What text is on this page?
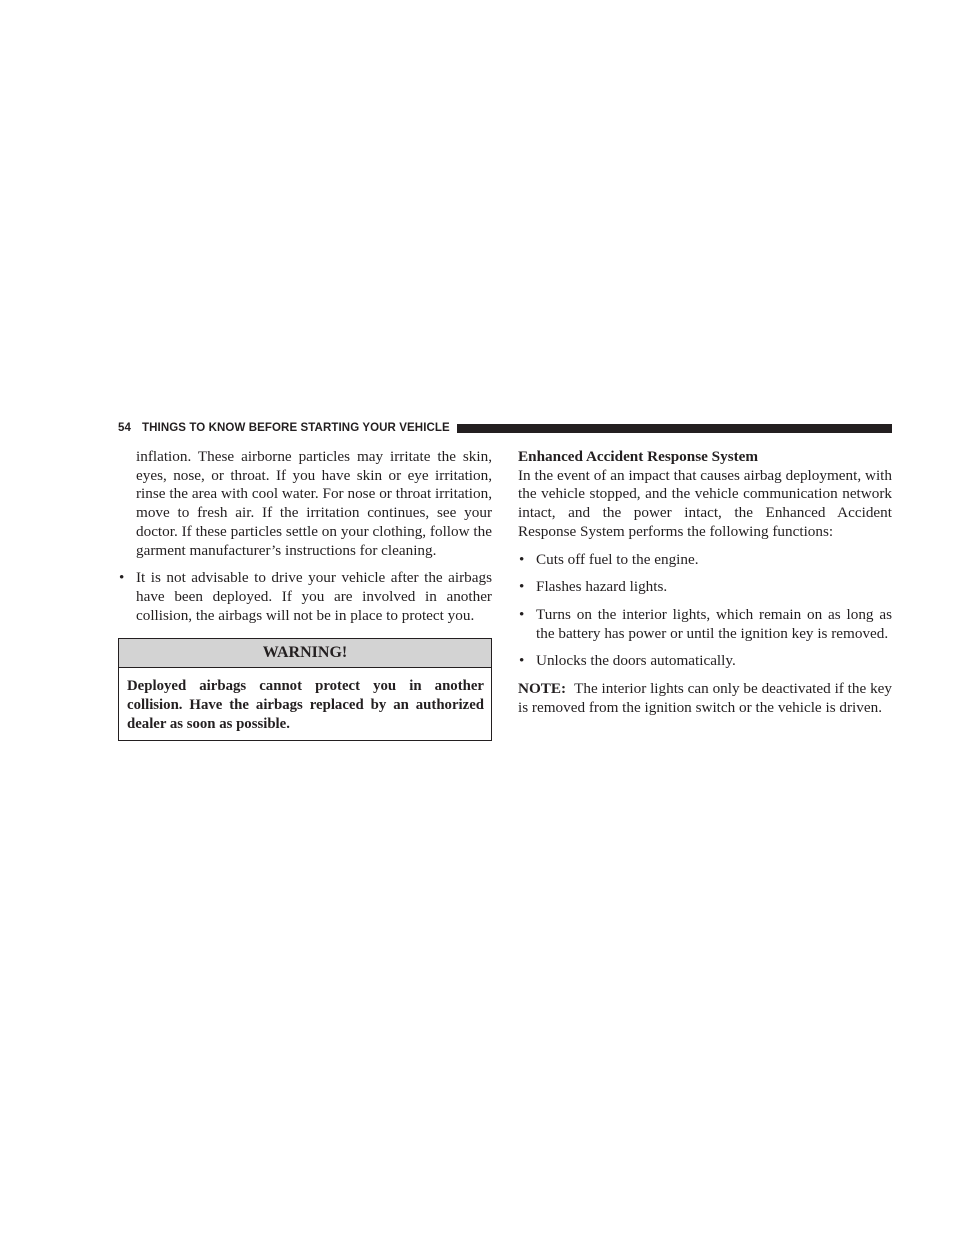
54 THINGS TO KNOW BEFORE STARTING YOUR VEHICLE

inflation. These airborne particles may irritate the skin, eyes, nose, or throat. If you have skin or eye irritation, rinse the area with cool water. For nose or throat irritation, move to fresh air. If the irritation continues, see your doctor. If these particles settle on your clothing, follow the garment manufacturer’s instructions for cleaning.

• It is not advisable to drive your vehicle after the airbags have been deployed. If you are involved in another collision, the airbags will not be in place to protect you.
WARNING!
Deployed airbags cannot protect you in another collision. Have the airbags replaced by an authorized dealer as soon as possible.
Enhanced Accident Response System

In the event of an impact that causes airbag deployment, with the vehicle stopped, and the vehicle communication network intact, and the power intact, the Enhanced Accident Response System performs the following functions:

• Cuts off fuel to the engine.
• Flashes hazard lights.
• Turns on the interior lights, which remain on as long as the battery has power or until the ignition key is removed.
• Unlocks the doors automatically.

NOTE: The interior lights can only be deactivated if the key is removed from the ignition switch or the vehicle is driven.
